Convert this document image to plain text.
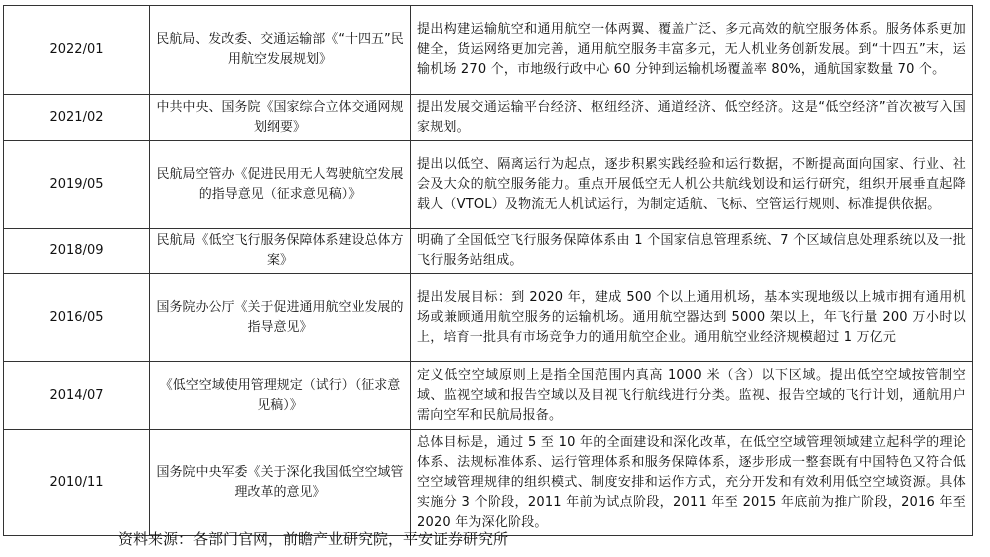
2022/01	民航局、发改委、交通运输部《“十四五”民用航空发展规划》	提出构建运输航空和通用航空一体两翼、覆盖广泛、多元高效的航空服务体系。服务体系更加健全，货运网络更加完善，通用航空服务丰富多元，无人机业务创新发展。到“十四五”末，运输机场 270 个，市地级行政中心 60 分钟到运输机场覆盖率 80%，通航国家数量 70 个。
2021/02	中共中央、国务院《国家综合立体交通网规划纲要》	提出发展交通运输平台经济、枢纽经济、通道经济、低空经济。这是“低空经济”首次被写入国家规划。
2019/05	民航局空管办《促进民用无人驾驶航空发展的指导意见（征求意见稿）》	提出以低空、隔离运行为起点，逐步积累实践经验和运行数据，不断提高面向国家、行业、社会及大众的航空服务能力。重点开展低空无人机公共航线划设和运行研究，组织开展垂直起降载人（VTOL）及物流无人机试运行，为制定适航、飞标、空管运行规则、标准提供依据。
2018/09	民航局《低空飞行服务保障体系建设总体方案》	明确了全国低空飞行服务保障体系由 1 个国家信息管理系统、7 个区域信息处理系统以及一批飞行服务站组成。
2016/05	国务院办公厅《关于促进通用航空业发展的指导意见》	提出发展目标：到 2020 年，建成 500 个以上通用机场，基本实现地级以上城市拥有通用机场或兼顾通用航空服务的运输机场。通用航空器达到 5000 架以上，年飞行量 200 万小时以上，培育一批具有市场竞争力的通用航空企业。通用航空业经济规模超过 1 万亿元
2014/07	《低空空域使用管理规定（试行）（征求意见稿）》	定义低空空域原则上是指全国范围内真高 1000 米（含）以下区域。提出低空空域按管制空域、监视空域和报告空域以及目视飞行航线进行分类。监视、报告空域的飞行计划，通航用户需向空军和民航局报备。
2010/11	国务院中央军委《关于深化我国低空空域管理改革的意见》	总体目标是，通过 5 至 10 年的全面建设和深化改革，在低空空域管理领域建立起科学的理论体系、法规标准体系、运行管理体系和服务保障体系，逐步形成一整套既有中国特色又符合低空空域管理规律的组织模式、制度安排和运作方式，充分开发和有效利用低空空域资源。具体实施分 3 个阶段，2011 年前为试点阶段，2011 年至 2015 年底前为推广阶段，2016 年至 2020 年为深化阶段。
资料来源：各部门官网，前瞻产业研究院，平安证券研究所
